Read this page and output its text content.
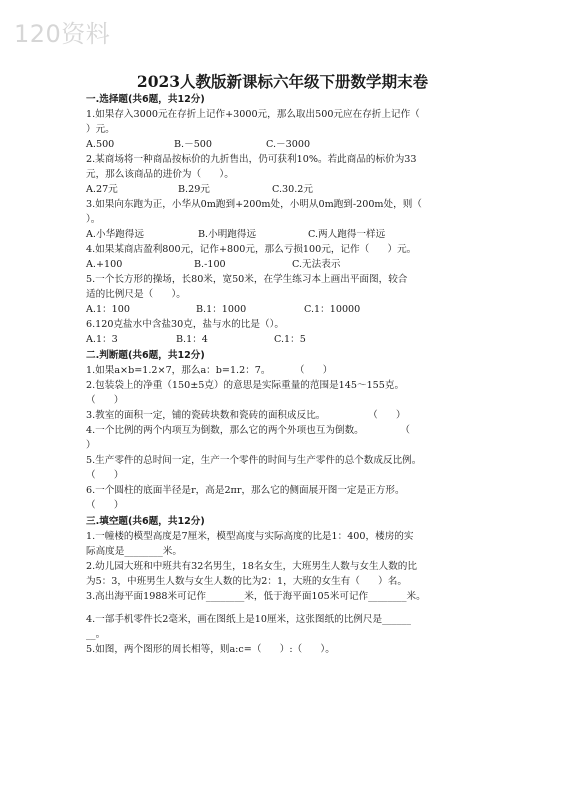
120资料
2023人教版新课标六年级下册数学期末卷
一.选择题(共6题，共12分)
1.如果存入3000元在存折上记作+3000元，那么取出500元应在存折上记作（
）元。
A.500	B.－500	C.－3000
2.某商场将一种商品按标价的九折售出，仍可获利10%。若此商品的标价为33
元，那么该商品的进价为（      ）。
A.27元	B.29元	C.30.2元
3.如果向东跑为正，小华从0m跑到+200m处，小明从0m跑到-200m处，则（
）。
A.小华跑得远	B.小明跑得远	C.两人跑得一样远
4.如果某商店盈利800元，记作+800元，那么亏损100元，记作（      ）元。
A.+100	B.-100	C.无法表示
5.一个长方形的操场，长80米，宽50米，在学生练习本上画出平面图，较合
适的比例尺是（      ）。
A.1：100	B.1：1000	C.1：10000
6.120克盐水中含盐30克，盐与水的比是（）。
A.1：3	B.1：4	C.1：5
二.判断题(共6题，共12分)
1.如果a×b=1.2×7，那么a：b=1.2：7。        （      ）
2.包装袋上的净重（150±5克）的意思是实际重量的范围是145～155克。
（      ）
3.教室的面积一定，铺的瓷砖块数和瓷砖的面积成反比。              （      ）
4.一个比例的两个内项互为倒数，那么它的两个外项也互为倒数。            （
）
5.生产零件的总时间一定，生产一个零件的时间与生产零件的总个数成反比例。
（      ）
6.一个圆柱的底面半径是r，高是2πr，那么它的侧面展开图一定是正方形。
（      ）
三.填空题(共6题，共12分)
1.一幢楼的模型高度是7厘米，模型高度与实际高度的比是1：400，楼房的实
际高度是________米。
2.幼儿园大班和中班共有32名男生，18名女生，大班男生人数与女生人数的比
为5：3，中班男生人数与女生人数的比为2：1，大班的女生有（      ）名。
3.高出海平面1988米可记作________米，低于海平面105米可记作________米。
4.一部手机零件长2毫米，画在图纸上是10厘米，这张图纸的比例尺是______
__。
5.如图，两个图形的周长相等，则a:c=（      ）:（      ）。
